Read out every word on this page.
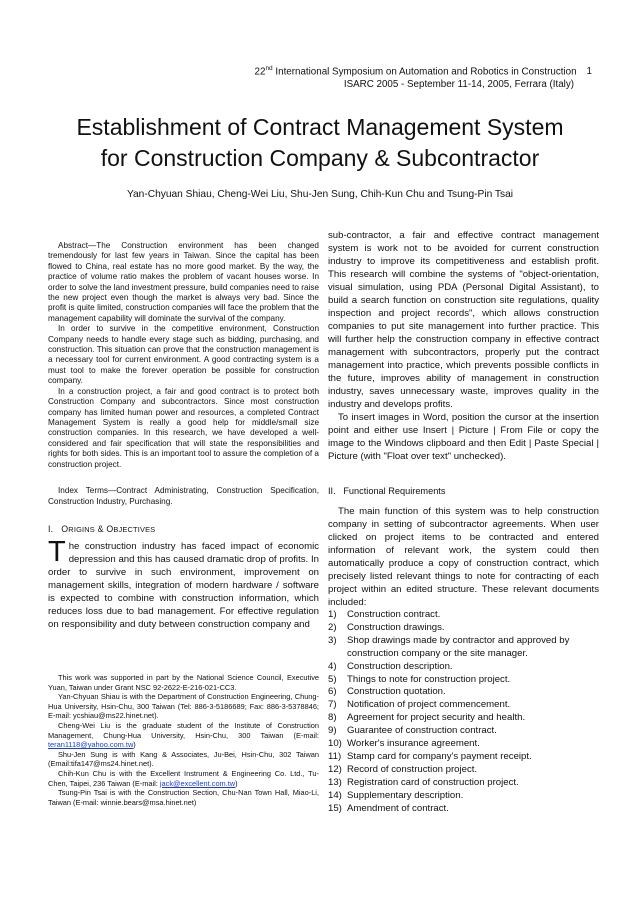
22nd International Symposium on Automation and Robotics in Construction 1
ISARC 2005 - September 11-14, 2005, Ferrara (Italy)
Establishment of Contract Management System
for Construction Company & Subcontractor
Yan-Chyuan Shiau, Cheng-Wei Liu, Shu-Jen Sung, Chih-Kun Chu and Tsung-Pin Tsai

Abstract—The Construction environment has been changed tremendously for last few years in Taiwan. Since the capital has been flowed to China, real estate has no more good market. By the way, the practice of volume ratio makes the problem of vacant houses worse. In order to solve the land investment pressure, build companies need to raise the new project even though the market is always very bad. Since the profit is quite limited, construction companies will face the problem that the management capability will dominate the survival of the company.

In order to survive in the competitive environment, Construction Company needs to handle every stage such as bidding, purchasing, and construction. This situation can prove that the construction management is a necessary tool for current environment. A good contracting system is a must tool to make the forever operation be possible for construction company.

In a construction project, a fair and good contract is to protect both Construction Company and subcontractors. Since most construction company has limited human power and resources, a completed Contract Management System is really a good help for middle/small size construction companies. In this research, we have developed a well-considered and fair specification that will state the responsibilities and rights for both sides. This is an important tool to assure the completion of a construction project.

Index Terms—Contract Administrating, Construction Specification, Construction Industry, Purchasing.

I. ORIGINS & OBJECTIVES

The construction industry has faced impact of economic depression and this has caused dramatic drop of profits. In order to survive in such environment, improvement on management skills, integration of modern hardware / software is expected to combine with construction information, which reduces loss due to bad management. For effective regulation on responsibility and duty between construction company and

This work was supported in part by the National Science Council, Executive Yuan, Taiwan under Grant NSC 92-2622-E-216-021-CC3.

Yan-Chyuan Shiau is with the Department of Construction Engineering, Chung-Hua University, Hsin-Chu, 300 Taiwan (Tel: 886-3-5186689; Fax: 886-3-5378846; E-mail: ycshiau@ms22.hinet.net).

Cheng-Wei Liu is the graduate student of the Institute of Construction Management, Chung-Hua University, Hsin-Chu, 300 Taiwan (E-mail: teran1118@yahoo.com.tw)

Shu-Jen Sung is with Kang & Associates, Ju-Bei, Hsin-Chu, 302 Taiwan (Email:tifa147@ms24.hinet.net).

Chih-Kun Chu is with the Excellent Instrument & Engineering Co. Ltd., Tu-Chen, Taipei, 236 Taiwan (E-mail: jack@excellent.com.tw)

Tsung-Pin Tsai is with the Construction Section, Chu-Nan Town Hall, Miao-Li, Taiwan (E-mail: winnie.bears@msa.hinet.net)

sub-contractor, a fair and effective contract management system is work not to be avoided for current construction industry to improve its competitiveness and establish profit. This research will combine the systems of "object-orientation, visual simulation, using PDA (Personal Digital Assistant), to build a search function on construction site regulations, quality inspection and project records", which allows construction companies to put site management into further practice. This will further help the construction company in effective contract management with subcontractors, properly put the contract management into practice, which prevents possible conflicts in the future, improves ability of management in construction industry, saves unnecessary waste, improves quality in the industry and develops profits.

To insert images in Word, position the cursor at the insertion point and either use Insert | Picture | From File or copy the image to the Windows clipboard and then Edit | Paste Special | Picture (with "Float over text" unchecked).

II.   Functional Requirements

The main function of this system was to help construction company in setting of subcontractor agreements. When user clicked on project items to be contracted and entered information of relevant work, the system could then automatically produce a copy of construction contract, which precisely listed relevant things to note for contracting of each project within an edited structure. These relevant documents included:

1) Construction contract.
2) Construction drawings.
3) Shop drawings made by contractor and approved by construction company or the site manager.
4) Construction description.
5) Things to note for construction project.
6) Construction quotation.
7) Notification of project commencement.
8) Agreement for project security and health.
9) Guarantee of construction contract.
10) Worker's insurance agreement.
11) Stamp card for company's payment receipt.
12) Record of construction project.
13) Registration card of construction project.
14) Supplementary description.
15) Amendment of contract.
